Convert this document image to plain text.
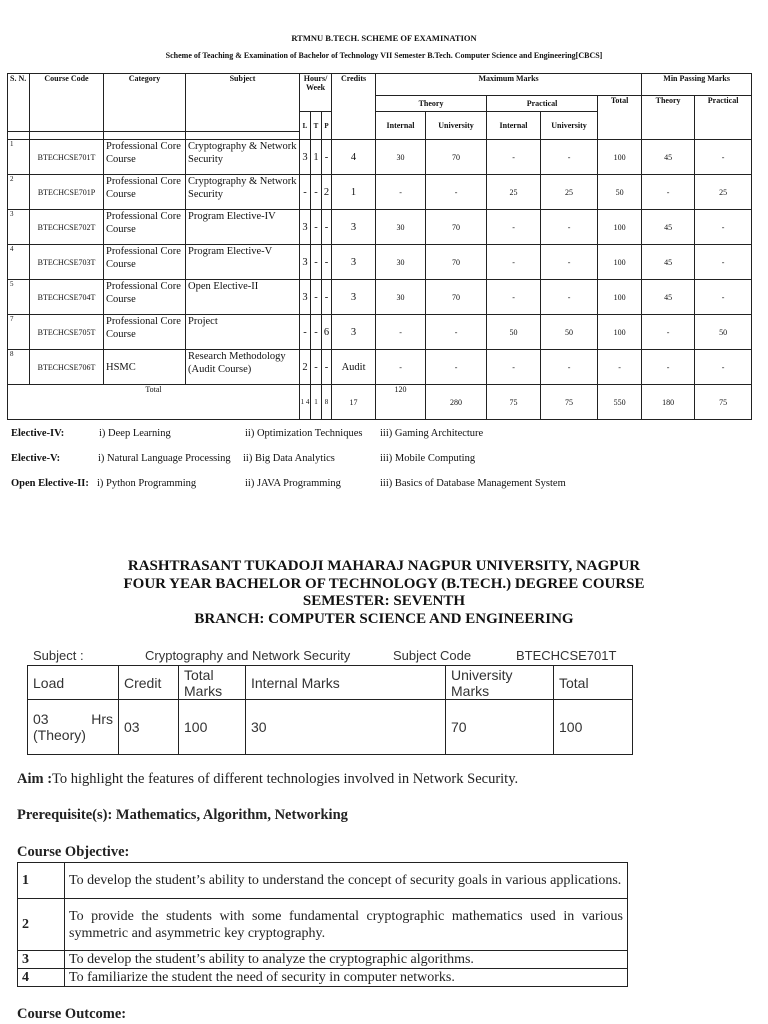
RTMNU B.TECH. SCHEME OF EXAMINATION
Scheme of Teaching & Examination of Bachelor of Technology VII Semester B.Tech. Computer Science and Engineering[CBCS]
S. N.	Course Code	Category	Subject	Hours/ Week			Credits	Maximum Marks					Min Passing Marks	
								Theory		Practical		Total	Theory	Practical
				L	T	P		Internal	University	Internal	University			

1	BTECHCSE701T	Professional Core Course	Cryptography & Network Security	3	1	-	4	30	70	-	-	100	45	-
2	BTECHCSE701P	Professional Core Course	Cryptography & Network Security	-	-	2	1	-	-	25	25	50	-	25
3	BTECHCSE702T	Professional Core Course	Program Elective-IV	3	-	-	3	30	70	-	-	100	45	-
4	BTECHCSE703T	Professional Core Course	Program Elective-V	3	-	-	3	30	70	-	-	100	45	-
5	BTECHCSE704T	Professional Core Course	Open Elective-II	3	-	-	3	30	70	-	-	100	45	-
7	BTECHCSE705T	Professional Core Course	Project	-	-	6	3	-	-	50	50	100	-	50
8	BTECHCSE706T	HSMC	Research Methodology (Audit Course)	2	-	-	Audit	-	-	-	-	-	-	-
Total				1 4	1	8	17	120	280	75	75	550	180	75
Elective-IV:	i) Deep Learning	ii) Optimization Techniques iii) Gaming Architecture
Elective-V:	i) Natural Language Processing ii) Big Data Analytics	iii) Mobile Computing
Open Elective-II: i) Python Programming	ii) JAVA Programming	iii) Basics of Database Management System
RASHTRASANT TUKADOJI MAHARAJ NAGPUR UNIVERSITY, NAGPUR
FOUR YEAR BACHELOR OF TECHNOLOGY (B.TECH.) DEGREE COURSE
SEMESTER: SEVENTH
BRANCH: COMPUTER SCIENCE AND ENGINEERING
Subject :	Cryptography and Network Security	Subject Code	BTECHCSE701T
Load	Credit	Total Marks	Internal Marks	University Marks	Total
03 Hrs (Theory)	03	100	30	70	100
Aim :To highlight the features of different technologies involved in Network Security.
Prerequisite(s): Mathematics, Algorithm, Networking
Course Objective:
1	To develop the student’s ability to understand the concept of security goals in various applications.
2	To provide the students with some fundamental cryptographic mathematics used in various symmetric and asymmetric key cryptography.
3	To develop the student’s ability to analyze the cryptographic algorithms.
4	To familiarize the student the need of security in computer networks.
Course Outcome:
